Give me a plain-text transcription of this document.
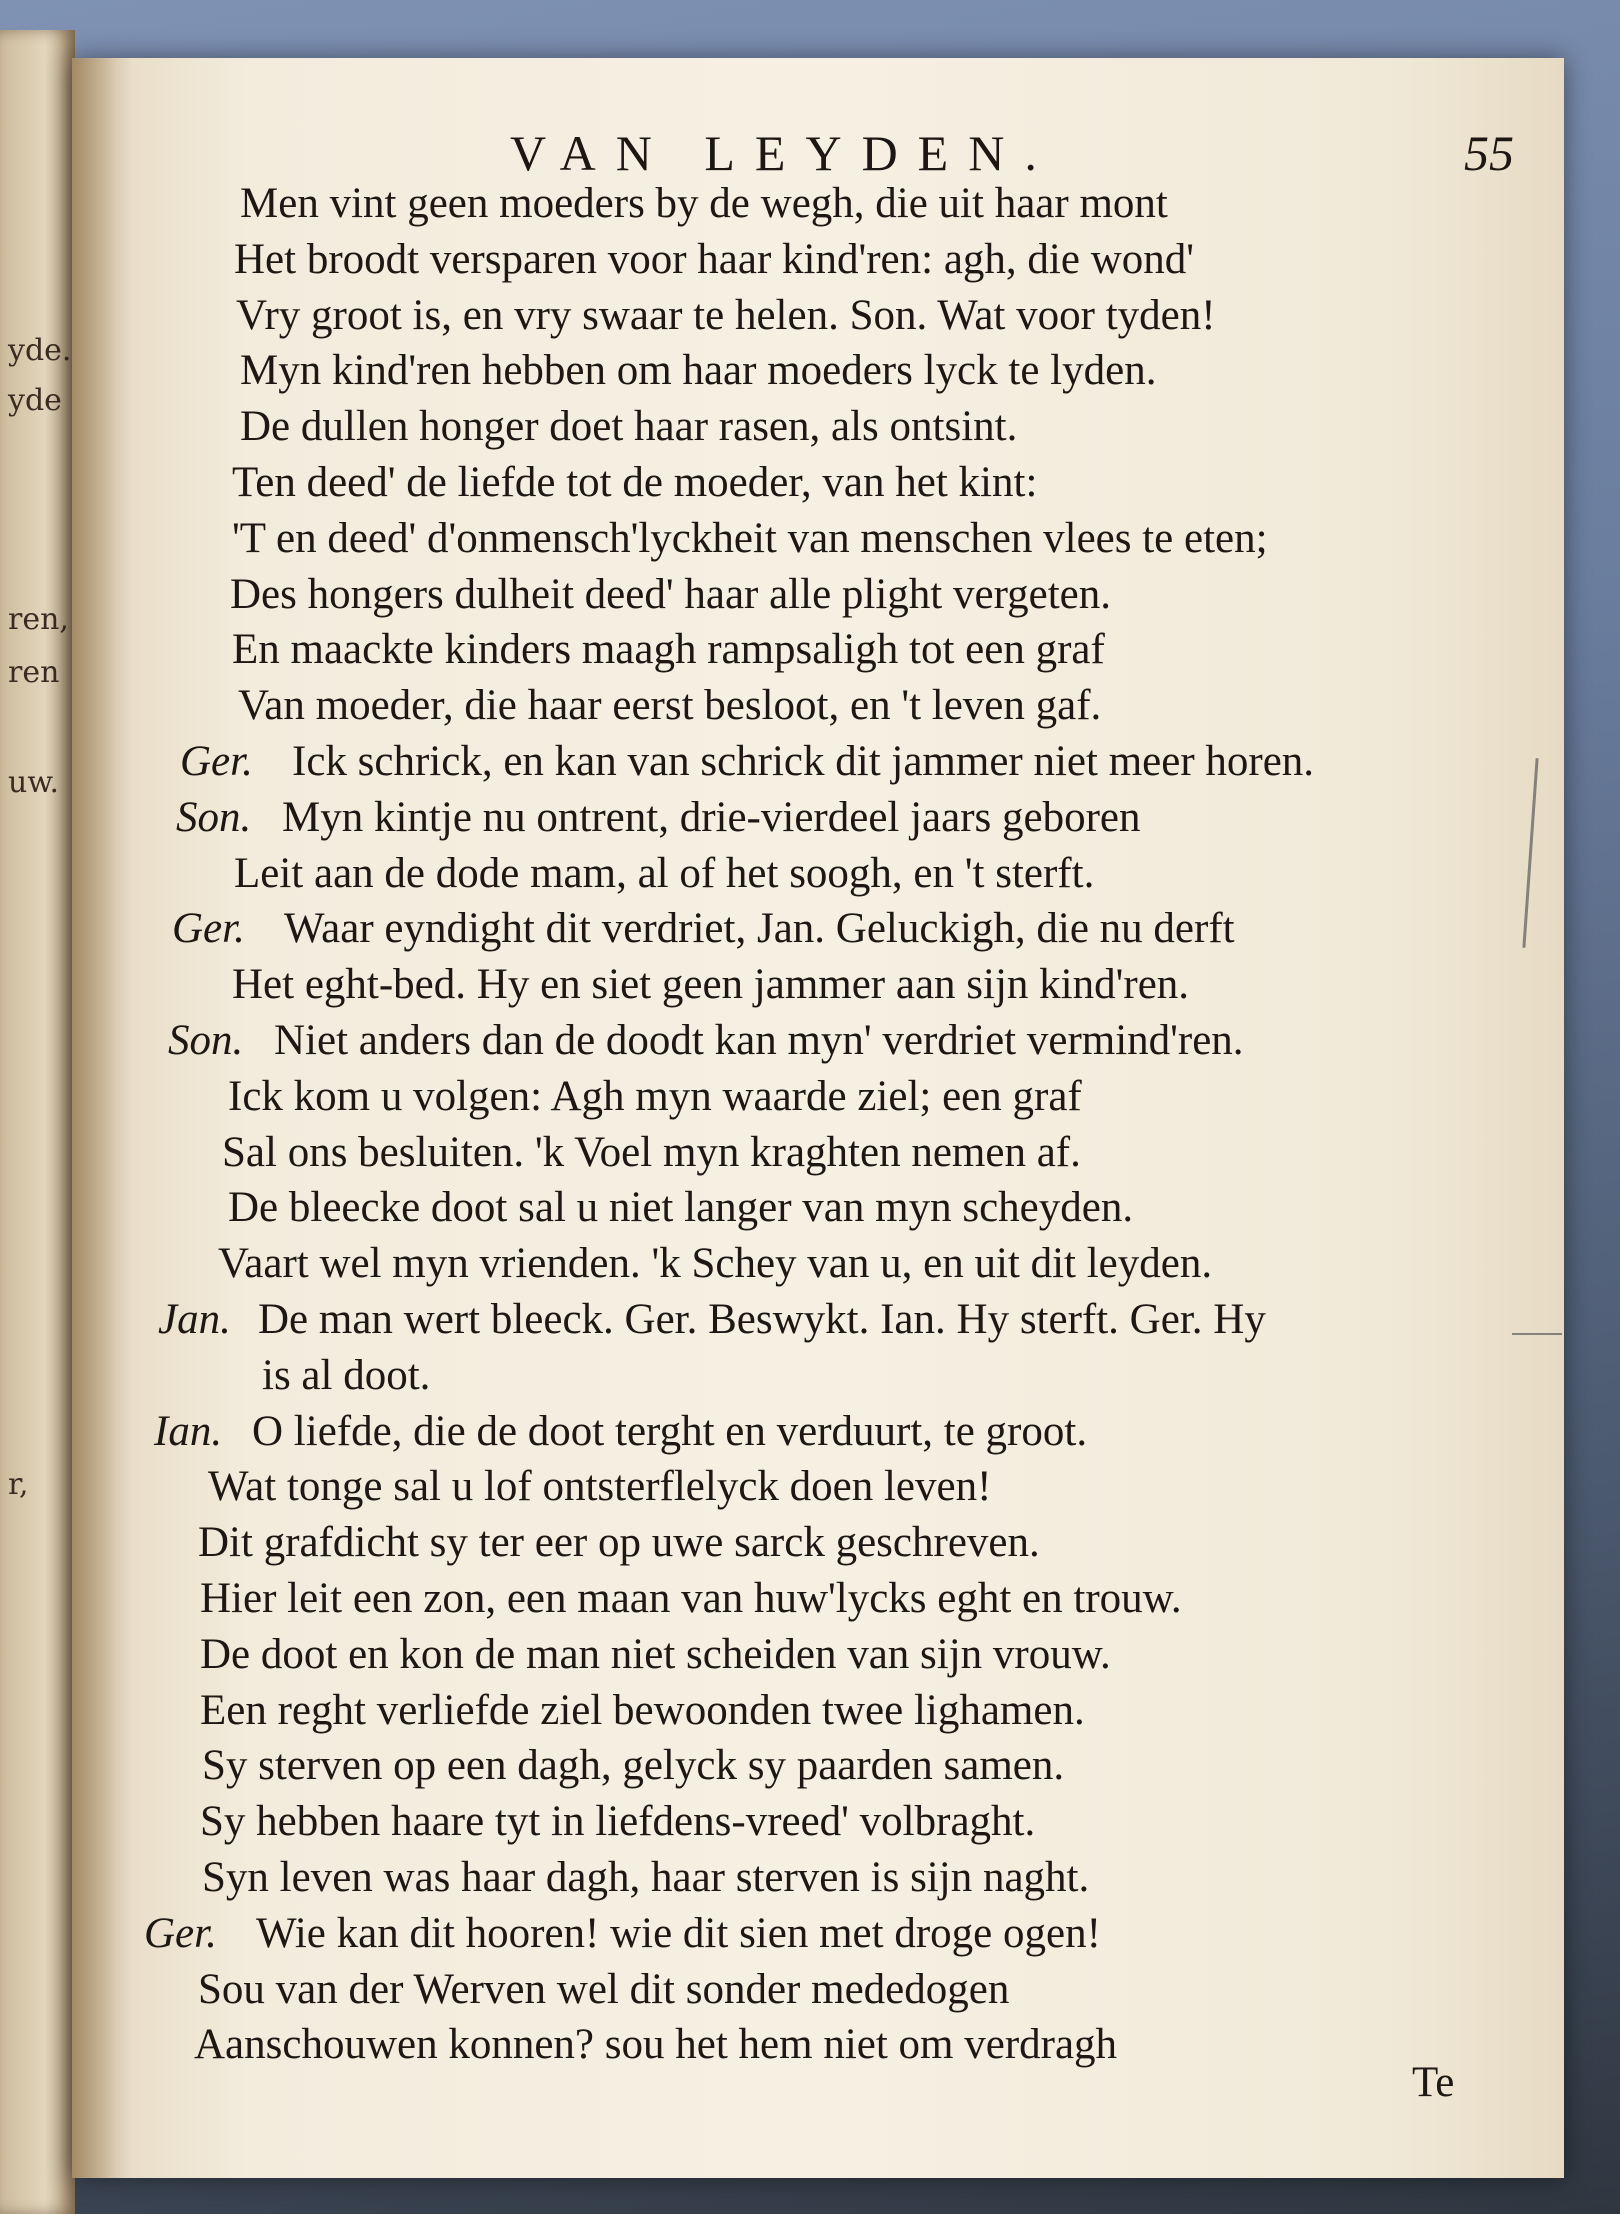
yde.
yde
ren,
ren
uw.
r,
VAN LEYDEN.	55
Men vint geen moeders by de wegh, die uit haar mont
Het broodt versparen voor haar kind'ren: agh, die wond'
Vry groot is, en vry swaar te helen. Son. Wat voor tyden!
Myn kind'ren hebben om haar moeders lyck te lyden.
De dullen honger doet haar rasen, als ontsint.
Ten deed' de liefde tot de moeder, van het kint:
'T en deed' d'onmensch'lyckheit van menschen vlees te eten;
Des hongers dulheit deed' haar alle plight vergeten.
En maackte kinders maagh rampsaligh tot een graf
Van moeder, die haar eerst besloot, en 't leven gaf.
Ger. Ick schrick, en kan van schrick dit jammer niet meer horen.
Son. Myn kintje nu ontrent, drie-vierdeel jaars geboren
Leit aan de dode mam, al of het soogh, en 't sterft.
Ger. Waar eyndight dit verdriet, Jan. Geluckigh, die nu derft
Het eght-bed. Hy en siet geen jammer aan sijn kind'ren.
Son. Niet anders dan de doodt kan myn' verdriet vermind'ren.
Ick kom u volgen: Agh myn waarde ziel; een graf
Sal ons besluiten. 'k Voel myn kraghten nemen af.
De bleecke doot sal u niet langer van myn scheyden.
Vaart wel myn vrienden. 'k Schey van u, en uit dit leyden.
Jan. De man wert bleeck. Ger. Beswykt. Ian. Hy sterft. Ger. Hy
is al doot.
Ian. O liefde, die de doot terght en verduurt, te groot.
Wat tonge sal u lof ontsterflelyck doen leven!
Dit grafdicht sy ter eer op uwe sarck geschreven.
Hier leit een zon, een maan van huw'lycks eght en trouw.
De doot en kon de man niet scheiden van sijn vrouw.
Een reght verliefde ziel bewoonden twee lighamen.
Sy sterven op een dagh, gelyck sy paarden samen.
Sy hebben haare tyt in liefdens-vreed' volbraght.
Syn leven was haar dagh, haar sterven is sijn naght.
Ger. Wie kan dit hooren! wie dit sien met droge ogen!
Sou van der Werven wel dit sonder mededogen
Aanschouwen konnen? sou het hem niet om verdragh
Te
